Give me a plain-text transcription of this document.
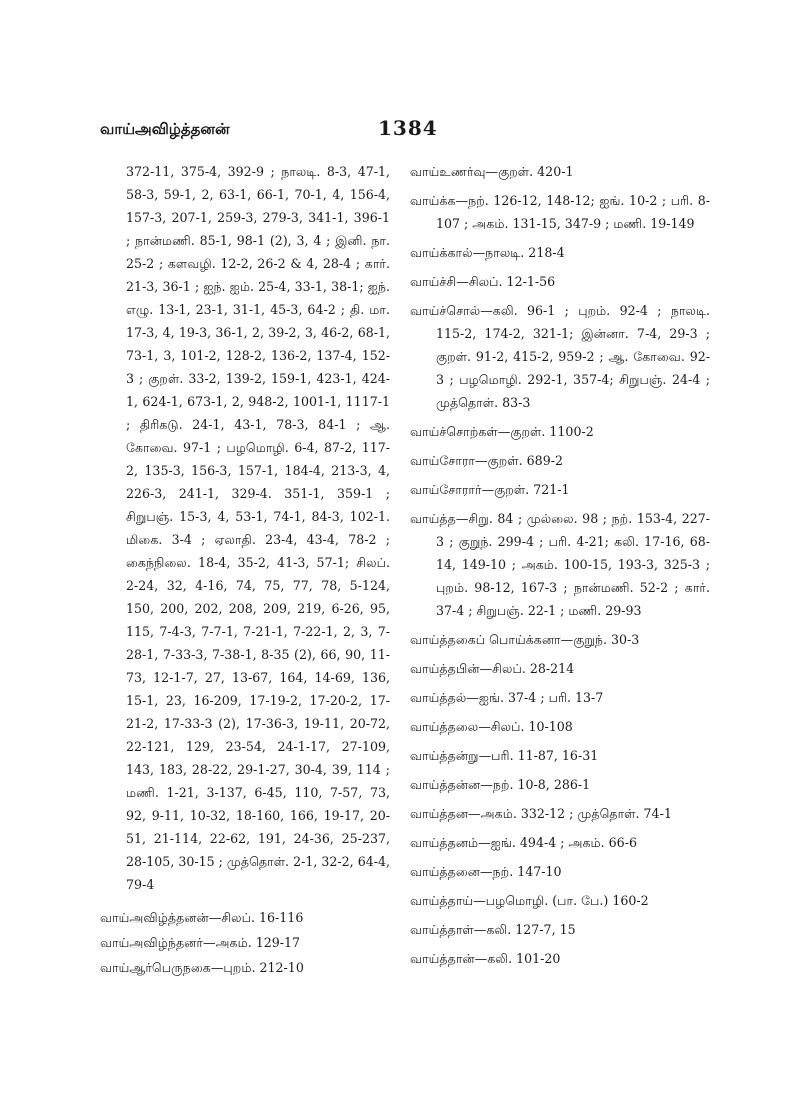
வாய்அவிழ்த்தனன்	1384

372-11, 375-4, 392-9 ; நாலடி. 8-3, 47-1, 58-3, 59-1, 2, 63-1, 66-1, 70-1, 4, 156-4, 157-3, 207-1, 259-3, 279-3, 341-1, 396-1 ; நான்மணி. 85-1, 98-1 (2), 3, 4 ; இனி. நா. 25-2 ; களவழி. 12-2, 26-2 & 4, 28-4 ; கார். 21-3, 36-1 ; ஐந். ஐம். 25-4, 33-1, 38-1; ஐந். எழு. 13-1, 23-1, 31-1, 45-3, 64-2 ; தி. மா. 17-3, 4, 19-3, 36-1, 2, 39-2, 3, 46-2, 68-1, 73-1, 3, 101-2, 128-2, 136-2, 137-4, 152-3 ; குறள். 33-2, 139-2, 159-1, 423-1, 424-1, 624-1, 673-1, 2, 948-2, 1001-1, 1117-1 ; திரிகடு. 24-1, 43-1, 78-3, 84-1 ; ஆ. கோவை. 97-1 ; பழமொழி. 6-4, 87-2, 117-2, 135-3, 156-3, 157-1, 184-4, 213-3, 4, 226-3, 241-1, 329-4. 351-1, 359-1 ; சிறுபஞ். 15-3, 4, 53-1, 74-1, 84-3, 102-1. மிகை. 3-4 ; ஏலாதி. 23-4, 43-4, 78-2 ; கைந்நிலை. 18-4, 35-2, 41-3, 57-1; சிலப். 2-24, 32, 4-16, 74, 75, 77, 78, 5-124, 150, 200, 202, 208, 209, 219, 6-26, 95, 115, 7-4-3, 7-7-1, 7-21-1, 7-22-1, 2, 3, 7-28-1, 7-33-3, 7-38-1, 8-35 (2), 66, 90, 11-73, 12-1-7, 27, 13-67, 164, 14-69, 136, 15-1, 23, 16-209, 17-19-2, 17-20-2, 17-21-2, 17-33-3 (2), 17-36-3, 19-11, 20-72, 22-121, 129, 23-54, 24-1-17, 27-109, 143, 183, 28-22, 29-1-27, 30-4, 39, 114 ; மணி. 1-21, 3-137, 6-45, 110, 7-57, 73, 92, 9-11, 10-32, 18-160, 166, 19-17, 20-51, 21-114, 22-62, 191, 24-36, 25-237, 28-105, 30-15 ; முத்தொள். 2-1, 32-2, 64-4, 79-4

வாய்அவிழ்த்தனன்—சிலப். 16-116

வாய்அவிழ்ந்தனர்—அகம். 129-17

வாய்ஆர்பெருநகை—புறம். 212-10

வாய்உணர்வு—குறள். 420-1

வாய்க்க—நற். 126-12, 148-12; ஐங். 10-2 ; பரி. 8-107 ; அகம். 131-15, 347-9 ; மணி. 19-149

வாய்க்கால்—நாலடி. 218-4

வாய்ச்சி—சிலப். 12-1-56

வாய்ச்சொல்—கலி. 96-1 ; புறம். 92-4 ; நாலடி. 115-2, 174-2, 321-1; இன்னா. 7-4, 29-3 ; குறள். 91-2, 415-2, 959-2 ; ஆ. கோவை. 92-3 ; பழமொழி. 292-1, 357-4; சிறுபஞ். 24-4 ; முத்தொள். 83-3

வாய்ச்சொற்கள்—குறள். 1100-2

வாய்சோரா—குறள். 689-2

வாய்சோரார்—குறள். 721-1

வாய்த்த—சிறு. 84 ; முல்லை. 98 ; நற். 153-4, 227-3 ; குறுந். 299-4 ; பரி. 4-21; கலி. 17-16, 68-14, 149-10 ; அகம். 100-15, 193-3, 325-3 ; புறம். 98-12, 167-3 ; நான்மணி. 52-2 ; கார். 37-4 ; சிறுபஞ். 22-1 ; மணி. 29-93

வாய்த்தகைப் பொய்க்கனா—குறுந். 30-3

வாய்த்தபின்—சிலப். 28-214

வாய்த்தல்—ஐங். 37-4 ; பரி. 13-7

வாய்த்தலை—சிலப். 10-108

வாய்த்தன்று—பரி. 11-87, 16-31

வாய்த்தன்ன—நற். 10-8, 286-1

வாய்த்தன—அகம். 332-12 ; முத்தொள். 74-1

வாய்த்தனம்—ஐங். 494-4 ; அகம். 66-6

வாய்த்தனை—நற். 147-10

வாய்த்தாய்—பழமொழி. (பா. பே.) 160-2

வாய்த்தாள்—கலி. 127-7, 15

வாய்த்தான்—கலி. 101-20
